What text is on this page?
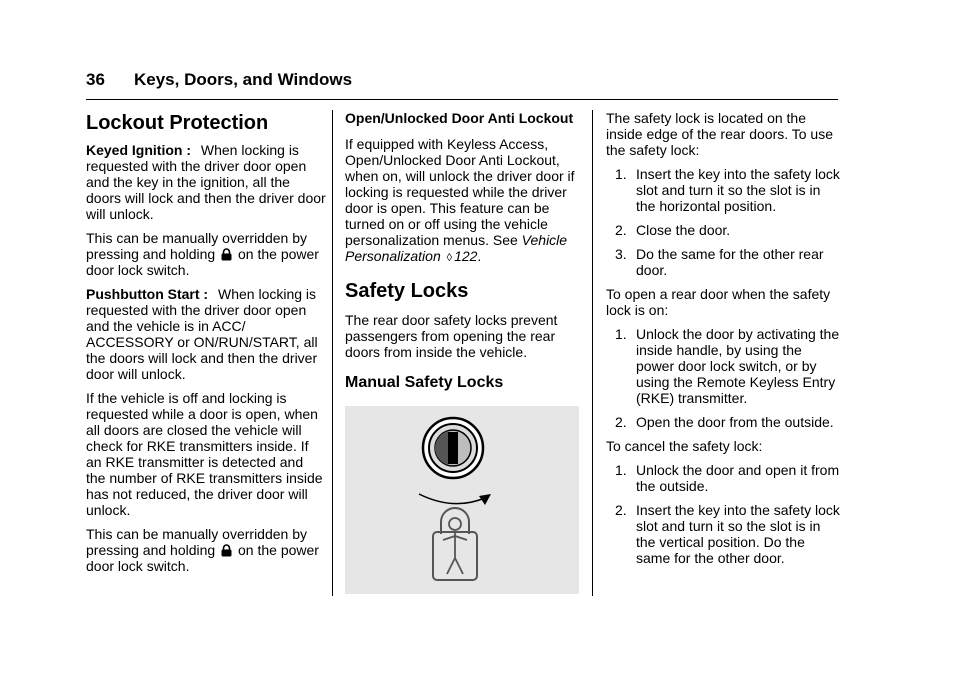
36 Keys, Doors, and Windows
Lockout Protection

Keyed Ignition : When locking is requested with the driver door open and the key in the ignition, all the doors will lock and then the driver door will unlock.

This can be manually overridden by pressing and holding on the power door lock switch.

Pushbutton Start : When locking is requested with the driver door open and the vehicle is in ACC/ ACCESSORY or ON/RUN/START, all the doors will lock and then the driver door will unlock.

If the vehicle is off and locking is requested while a door is open, when all doors are closed the vehicle will check for RKE transmitters inside. If an RKE transmitter is detected and the number of RKE transmitters inside has not reduced, the driver door will unlock.

This can be manually overridden by pressing and holding on the power door lock switch.

Open/Unlocked Door Anti Lockout

If equipped with Keyless Access, Open/Unlocked Door Anti Lockout, when on, will unlock the driver door if locking is requested while the driver door is open. This feature can be turned on or off using the vehicle personalization menus. See Vehicle Personalization ◊ 122.

Safety Locks

The rear door safety locks prevent passengers from opening the rear doors from inside the vehicle.

Manual Safety Locks

The safety lock is located on the inside edge of the rear doors. To use the safety lock:

1. Insert the key into the safety lock slot and turn it so the slot is in the horizontal position.
2. Close the door.
3. Do the same for the other rear door.

To open a rear door when the safety lock is on:

1. Unlock the door by activating the inside handle, by using the power door lock switch, or by using the Remote Keyless Entry (RKE) transmitter.
2. Open the door from the outside.

To cancel the safety lock:

1. Unlock the door and open it from the outside.
2. Insert the key into the safety lock slot and turn it so the slot is in the vertical position. Do the same for the other door.
